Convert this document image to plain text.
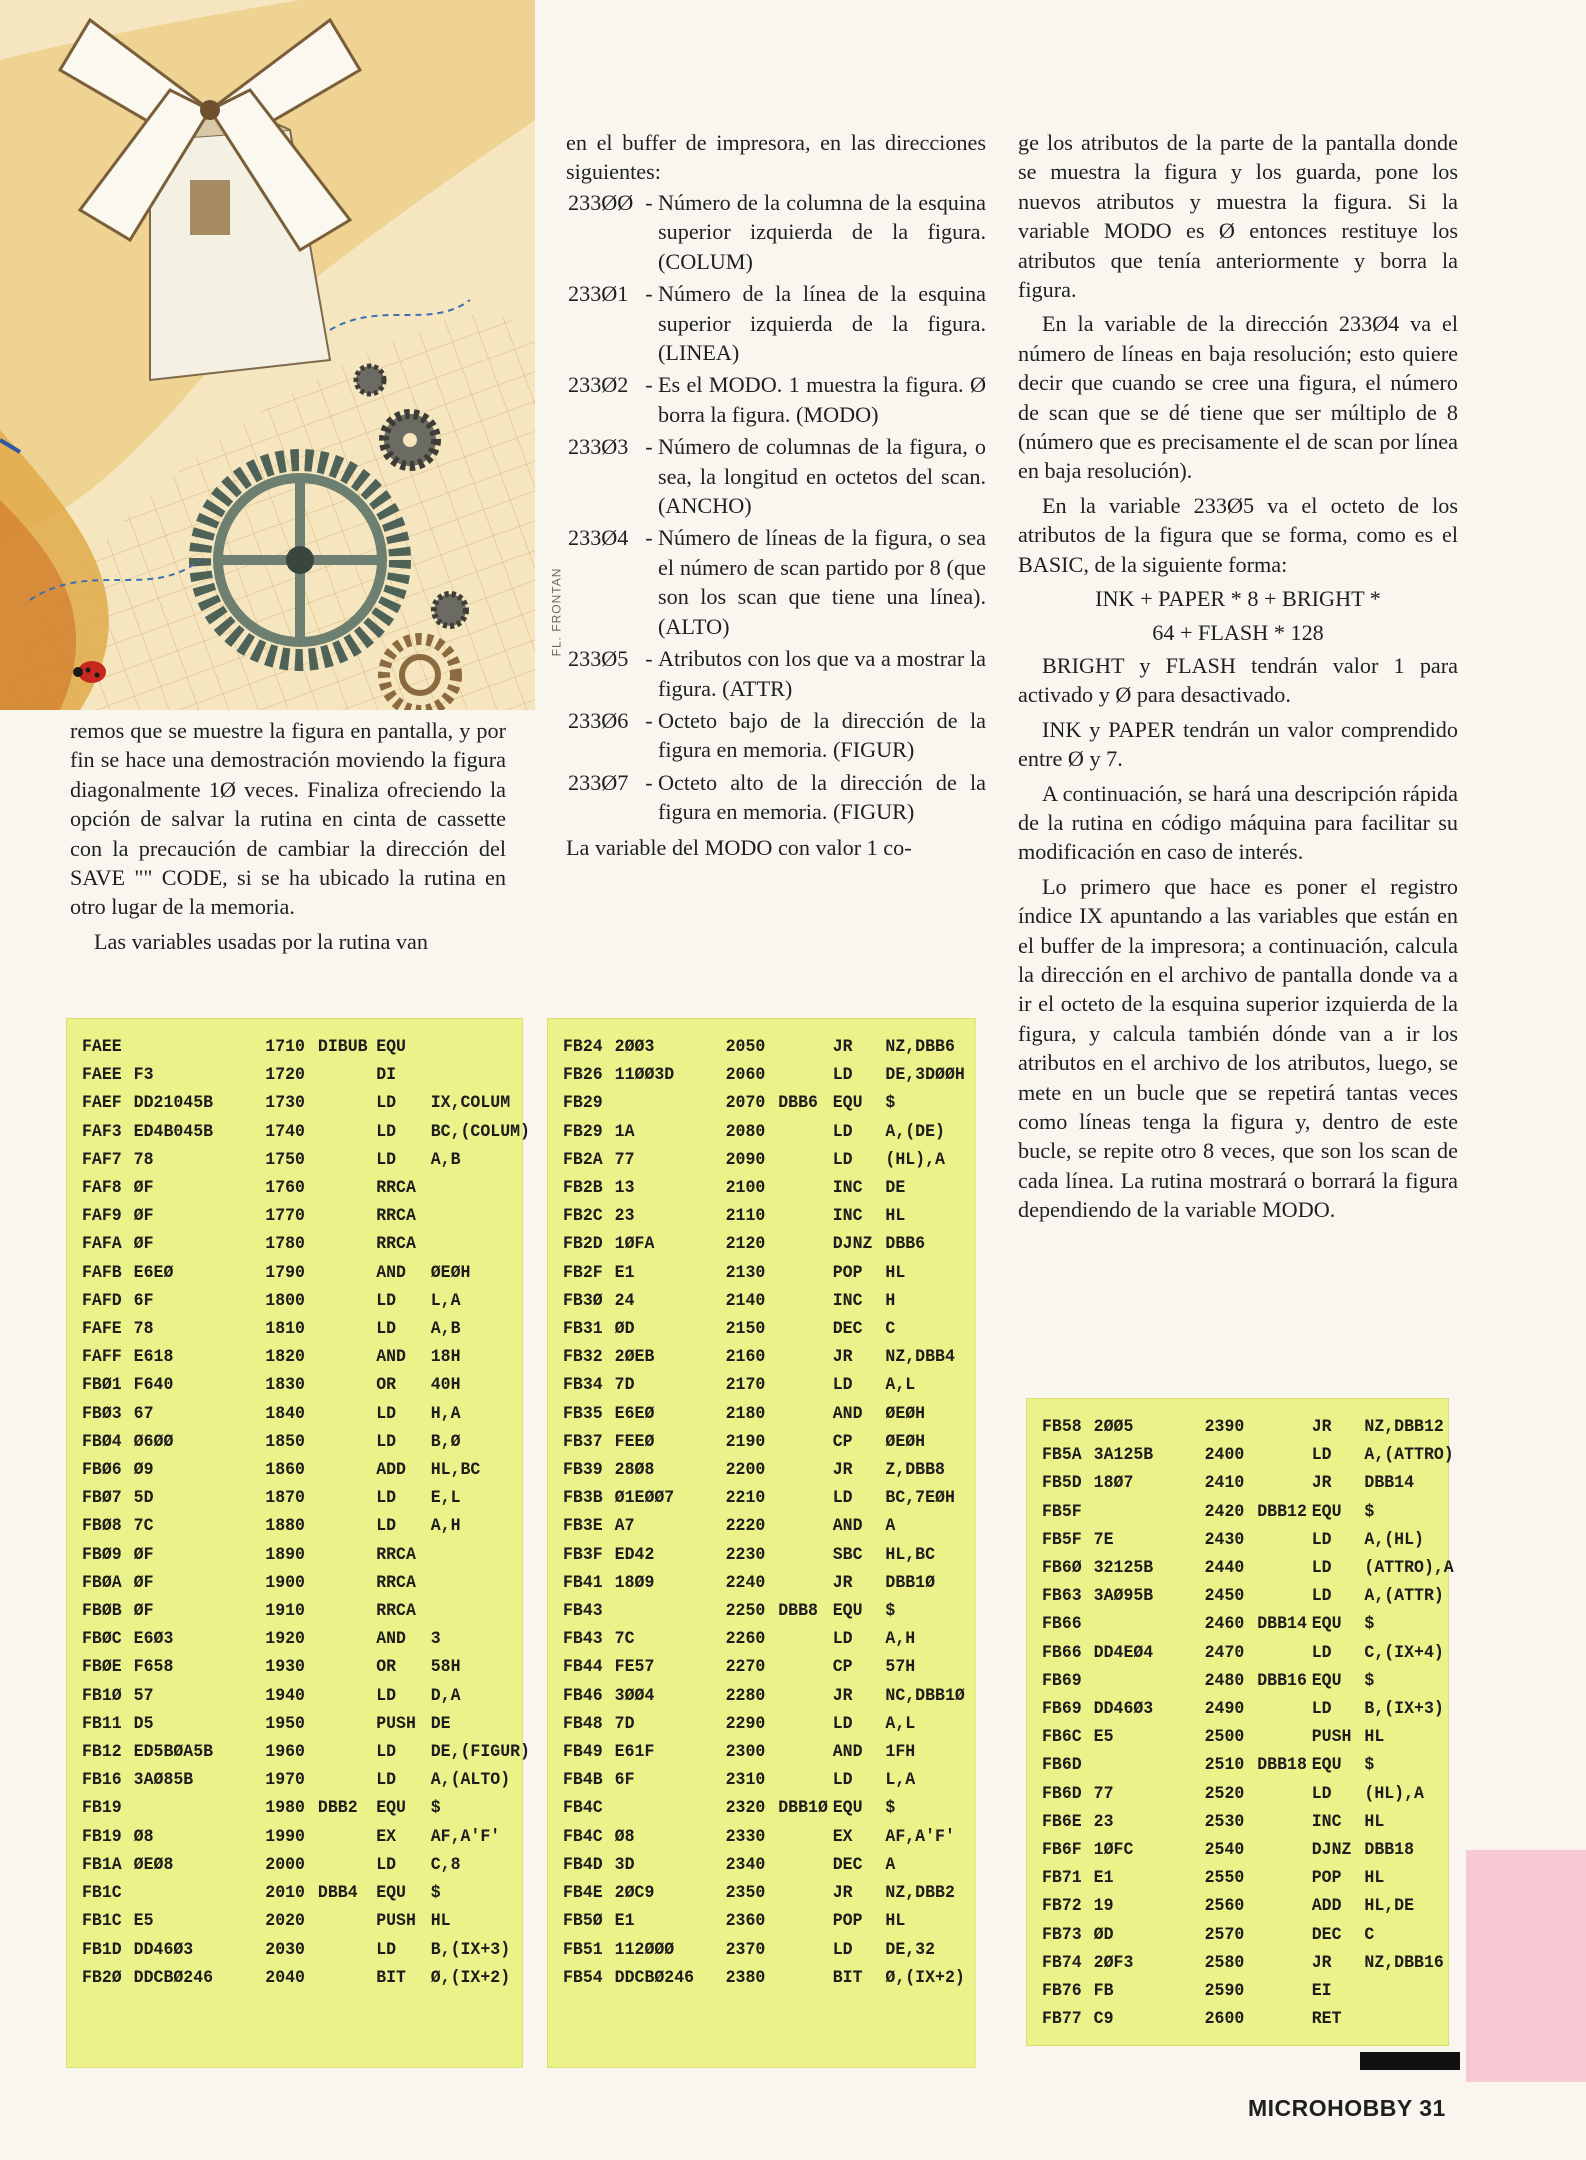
FL. FRONTAN

remos que se muestre la figura en pantalla, y por fin se hace una demostración moviendo la figura diagonalmente 1Ø veces. Finaliza ofreciendo la opción de salvar la rutina en cinta de cassette con la precaución de cambiar la dirección del SAVE "" CODE, si se ha ubicado la rutina en otro lugar de la memoria.

Las variables usadas por la rutina van

en el buffer de impresora, en las direcciones siguientes:

233ØØ - Número de la columna de la esquina superior izquierda de la figura. (COLUM)
233Ø1 - Número de la línea de la esquina superior izquierda de la figura. (LINEA)
233Ø2 - Es el MODO. 1 muestra la figura. Ø borra la figura. (MODO)
233Ø3 - Número de columnas de la figura, o sea, la longitud en octetos del scan. (ANCHO)
233Ø4 - Número de líneas de la figura, o sea el número de scan partido por 8 (que son los scan que tiene una línea). (ALTO)
233Ø5 - Atributos con los que va a mostrar la figura. (ATTR)
233Ø6 - Octeto bajo de la dirección de la figura en memoria. (FIGUR)
233Ø7 - Octeto alto de la dirección de la figura en memoria. (FIGUR)

La variable del MODO con valor 1 co-

ge los atributos de la parte de la pantalla donde se muestra la figura y los guarda, pone los nuevos atributos y muestra la figura. Si la variable MODO es Ø entonces restituye los atributos que tenía anteriormente y borra la figura.

En la variable de la dirección 233Ø4 va el número de líneas en baja resolución; esto quiere decir que cuando se cree una figura, el número de scan que se dé tiene que ser múltiplo de 8 (número que es precisamente el de scan por línea en baja resolución).

En la variable 233Ø5 va el octeto de los atributos de la figura que se forma, como es el BASIC, de la siguiente forma:

INK + PAPER * 8 + BRIGHT *

64 + FLASH * 128

BRIGHT y FLASH tendrán valor 1 para activado y Ø para desactivado.

INK y PAPER tendrán un valor comprendido entre Ø y 7.

A continuación, se hará una descripción rápida de la rutina en código máquina para facilitar su modificación en caso de interés.

Lo primero que hace es poner el registro índice IX apuntando a las variables que están en el buffer de la impresora; a continuación, calcula la dirección en el archivo de pantalla donde va a ir el octeto de la esquina superior izquierda de la figura, y calcula también dónde van a ir los atributos en el archivo de los atributos, luego, se mete en un bucle que se repetirá tantas veces como líneas tenga la figura y, dentro de este bucle, se repite otro 8 veces, que son los scan de cada línea. La rutina mostrará o borrará la figura dependiendo de la variable MODO.

FAEE	1710 DIBUB EQU
FAEE F3	1720	DI
FAEF DD21045B	1730	LD	IX,COLUM
FAF3 ED4B045B	1740	LD	BC,(COLUM)
FAF7 78	1750	LD	A,B
FAF8 ØF	1760	RRCA
FAF9 ØF	1770	RRCA
FAFA ØF	1780	RRCA
FAFB E6EØ	1790	AND	ØEØH
FAFD 6F	1800	LD	L,A
FAFE 78	1810	LD	A,B
FAFF E618	1820	AND	18H
FBØ1 F640	1830	OR	40H
FBØ3 67	1840	LD	H,A
FBØ4 Ø6ØØ	1850	LD	B,Ø
FBØ6 Ø9	1860	ADD	HL,BC
FBØ7 5D	1870	LD	E,L
FBØ8 7C	1880	LD	A,H
FBØ9 ØF	1890	RRCA
FBØA ØF	1900	RRCA
FBØB ØF	1910	RRCA
FBØC E6Ø3	1920	AND	3
FBØE F658	1930	OR	58H
FB1Ø 57	1940	LD	D,A
FB11 D5	1950	PUSH DE
FB12 ED5BØA5B	1960	LD	DE,(FIGUR)
FB16 3AØ85B	1970	LD	A,(ALTO)
FB19	1980 DBB2	EQU	$
FB19 Ø8	1990	EX	AF,A'F'
FB1A ØEØ8	2000	LD	C,8
FB1C	2010 DBB4	EQU	$
FB1C E5	2020	PUSH HL
FB1D DD46Ø3	2030	LD	B,(IX+3)
FB2Ø DDCBØ246	2040	BIT	Ø,(IX+2)
FB24 2ØØ3	2050	JR	NZ,DBB6
FB26 11ØØ3D	2060	LD	DE,3DØØH
FB29	2070 DBB6 EQU	$
FB29 1A	2080	LD	A,(DE)
FB2A 77	2090	LD	(HL),A
FB2B 13	2100	INC	DE
FB2C 23	2110	INC	HL
FB2D 1ØFA	2120	DJNZ DBB6
FB2F E1	2130	POP	HL
FB3Ø 24	2140	INC	H
FB31 ØD	2150	DEC	C
FB32 2ØEB	2160	JR	NZ,DBB4
FB34 7D	2170	LD	A,L
FB35 E6EØ	2180	AND	ØEØH
FB37 FEEØ	2190	CP	ØEØH
FB39 28Ø8	2200	JR	Z,DBB8
FB3B Ø1EØØ7	2210	LD	BC,7EØH
FB3E A7	2220	AND	A
FB3F ED42	2230	SBC	HL,BC
FB41 18Ø9	2240	JR	DBB1Ø
FB43	2250 DBB8 EQU	$
FB43 7C	2260	LD	A,H
FB44 FE57	2270	CP	57H
FB46 3ØØ4	2280	JR	NC,DBB1Ø
FB48 7D	2290	LD	A,L
FB49 E61F	2300	AND	1FH
FB4B 6F	2310	LD	L,A
FB4C	2320 DBB1Ø EQU	$
FB4C Ø8	2330	EX	AF,A'F'
FB4D 3D	2340	DEC	A
FB4E 2ØC9	2350	JR	NZ,DBB2
FB5Ø E1	2360	POP	HL
FB51 112ØØØ	2370	LD	DE,32
FB54 DDCBØ246	2380	BIT	Ø,(IX+2)
FB58 2ØØ5	2390	JR	NZ,DBB12
FB5A 3A125B	2400	LD	A,(ATTRO)
FB5D 18Ø7	2410	JR	DBB14
FB5F	2420 DBB12 EQU	$
FB5F 7E	2430	LD	A,(HL)
FB6Ø 32125B	2440	LD	(ATTRO),A
FB63 3AØ95B	2450	LD	A,(ATTR)
FB66	2460 DBB14 EQU	$
FB66 DD4EØ4	2470	LD	C,(IX+4)
FB69	2480 DBB16 EQU	$
FB69 DD46Ø3	2490	LD	B,(IX+3)
FB6C E5	2500	PUSH HL
FB6D	2510 DBB18 EQU	$
FB6D 77	2520	LD	(HL),A
FB6E 23	2530	INC	HL
FB6F 1ØFC	2540	DJNZ DBB18
FB71 E1	2550	POP	HL
FB72 19	2560	ADD	HL,DE
FB73 ØD	2570	DEC	C
FB74 2ØF3	2580	JR	NZ,DBB16
FB76 FB	2590	EI
FB77 C9	2600	RET
MICROHOBBY 31
